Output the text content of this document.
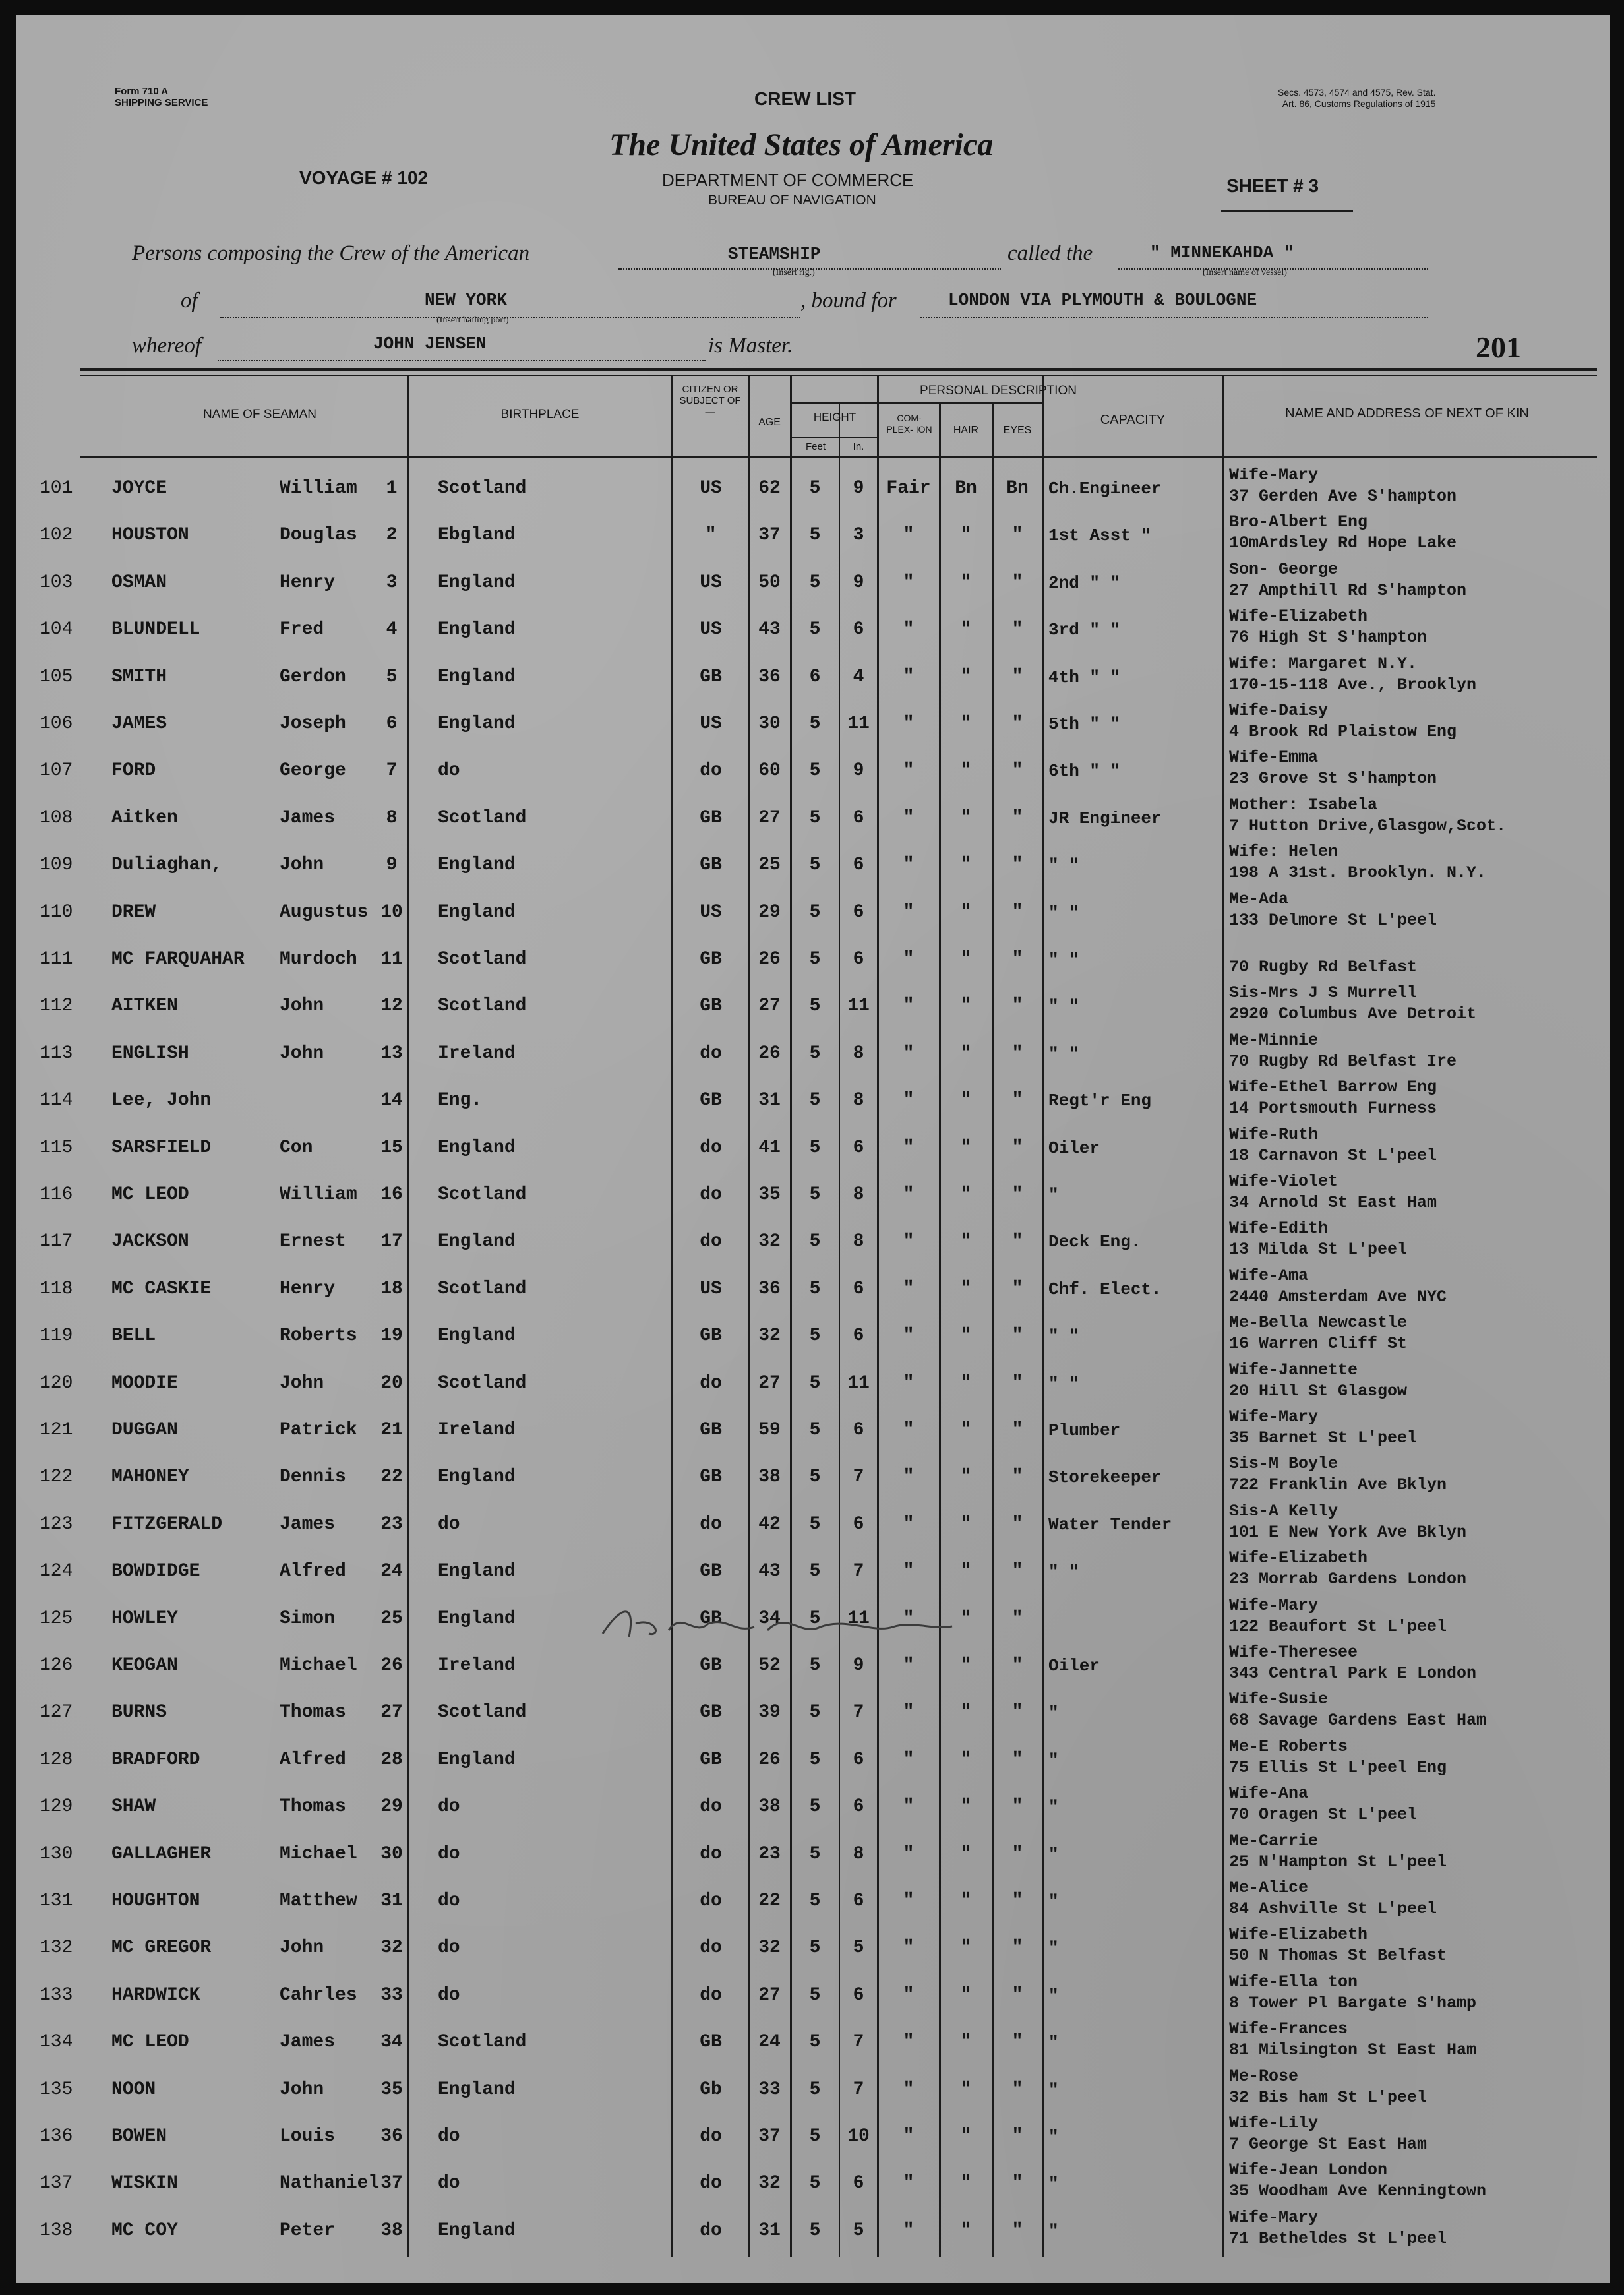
Form 710 A
SHIPPING SERVICE	CREW LIST	Secs. 4573, 4574 and 4575, Rev. Stat.
Art. 86, Customs Regulations of 1915
The United States of America
DEPARTMENT OF COMMERCE
BUREAU OF NAVIGATION
VOYAGE # 102	SHEET # 3
Persons composing the Crew of the American	STEAMSHIP
(Insert rig.)
called the	" MINNEKAHDA "
(Insert name of vessel)
of	NEW YORK
(Insert hailing port)
, bound for	LONDON VIA PLYMOUTH & BOULOGNE
whereof	JOHN JENSEN	is Master.	201
NAME OF SEAMAN	BIRTHPLACE
CITIZEN OR SUBJECT OF—
AGE
PERSONAL DESCRIPTION
HEIGHT
Feet	In.
COM- PLEX- ION	HAIR	EYES
CAPACITY	NAME AND ADDRESS OF NEXT OF KIN
101	JOYCE	William	1	Scotland	US	62	5	9	Fair	Bn	Bn	Ch.Engineer
Wife-Mary
37 Gerden Ave S'hampton
102	HOUSTON	Douglas	2	Ebgland	"	37	5	3	"	"	"	1st Asst "
Bro-Albert Eng
10mArdsley Rd Hope Lake
103	OSMAN	Henry	3	England	US	50	5	9	"	"	"	2nd " "
Son- George
27 Ampthill Rd S'hampton
104	BLUNDELL	Fred	4	England	US	43	5	6	"	"	"	3rd " "
Wife-Elizabeth
76 High St S'hampton
105	SMITH	Gerdon	5	England	GB	36	6	4	"	"	"	4th " "
Wife: Margaret N.Y.
170-15-118 Ave., Brooklyn
106	JAMES	Joseph	6	England	US	30	5	11	"	"	"	5th " "
Wife-Daisy
4 Brook Rd Plaistow Eng
107	FORD	George	7	do	do	60	5	9	"	"	"	6th " "
Wife-Emma
23 Grove St S'hampton
108	Aitken	James	8	Scotland	GB	27	5	6	"	"	"	JR Engineer
Mother: Isabela
7 Hutton Drive,Glasgow,Scot.
109	Duliaghan,	John	9	England	GB	25	5	6	"	"	"	" "
Wife: Helen
198 A 31st. Brooklyn. N.Y.
110	DREW	Augustus 10 England	US	29	5	6	"	"	"	" "
Me-Ada
133 Delmore St L'peel
111	MC FARQUAHAR	Murdoch	11 Scotland	GB	26	5	6	"	"	"	" "	70 Rugby Rd Belfast
112	AITKEN	John	12 Scotland	GB	27	5	11	"	"	"	" "
Sis-Mrs J S Murrell
2920 Columbus Ave Detroit
113	ENGLISH	John	13 Ireland	do	26	5	8	"	"	"	" "
Me-Minnie
70 Rugby Rd Belfast Ire
114	Lee, John	14 Eng.	GB	31	5	8	"	"	"	Regt'r Eng
Wife-Ethel Barrow Eng
14 Portsmouth Furness
115	SARSFIELD	Con	15 England	do	41	5	6	"	"	"	Oiler
Wife-Ruth
18 Carnavon St L'peel
116	MC LEOD	William	16 Scotland	do	35	5	8	"	"	"	"
Wife-Violet
34 Arnold St East Ham
117	JACKSON	Ernest	17 England	do	32	5	8	"	"	"	Deck Eng.
Wife-Edith
13 Milda St L'peel
118	MC CASKIE	Henry	18 Scotland	US	36	5	6	"	"	"	Chf. Elect.
Wife-Ama
2440 Amsterdam Ave NYC
119	BELL	Roberts	19 England	GB	32	5	6	"	"	"	" "
Me-Bella Newcastle
16 Warren Cliff St
120	MOODIE	John	20 Scotland	do	27	5	11	"	"	"	" "
Wife-Jannette
20 Hill St Glasgow
121	DUGGAN	Patrick	21 Ireland	GB	59	5	6	"	"	"	Plumber
Wife-Mary
35 Barnet St L'peel
122	MAHONEY	Dennis	22 England	GB	38	5	7	"	"	"	Storekeeper
Sis-M Boyle
722 Franklin Ave Bklyn
123	FITZGERALD	James	23 do	do	42	5	6	"	"	"	Water Tender
Sis-A Kelly
101 E New York Ave Bklyn
124	BOWDIDGE	Alfred	24 England	GB	43	5	7	"	"	"	" "
Wife-Elizabeth
23 Morrab Gardens London
125	HOWLEY	Simon	25 England	GB	34	5	11	"	"	"
Wife-Mary
122 Beaufort St L'peel
126	KEOGAN	Michael	26 Ireland	GB	52	5	9	"	"	"	Oiler
Wife-Theresee
343 Central Park E London
127	BURNS	Thomas	27 Scotland	GB	39	5	7	"	"	"	"
Wife-Susie
68 Savage Gardens East Ham
128	BRADFORD	Alfred	28 England	GB	26	5	6	"	"	"	"
Me-E Roberts
75 Ellis St L'peel Eng
129	SHAW	Thomas	29 do	do	38	5	6	"	"	"	"
Wife-Ana
70 Oragen St L'peel
130	GALLAGHER	Michael	30 do	do	23	5	8	"	"	"	"
Me-Carrie
25 N'Hampton St L'peel
131	HOUGHTON	Matthew	31 do	do	22	5	6	"	"	"	"
Me-Alice
84 Ashville St L'peel
132	MC GREGOR	John	32 do	do	32	5	5	"	"	"	"
Wife-Elizabeth
50 N Thomas St Belfast
133	HARDWICK	Cahrles	33 do	do	27	5	6	"	"	"	"
Wife-Ella ton
8 Tower Pl Bargate S'hamp
134	MC LEOD	James	34 Scotland	GB	24	5	7	"	"	"	"
Wife-Frances
81 Milsington St East Ham
135	NOON	John	35 England	Gb	33	5	7	"	"	"	"
Me-Rose
32 Bis ham St L'peel
136	BOWEN	Louis	36 do	do	37	5	10	"	"	"	"
Wife-Lily
7 George St East Ham
137	WISKIN	Nathaniel 37 do	do	32	5	6	"	"	"	"
Wife-Jean London
35 Woodham Ave Kenningtown
138	MC COY	Peter	38 England	do	31	5	5	"	"	"	"
Wife-Mary
71 Betheldes St L'peel
